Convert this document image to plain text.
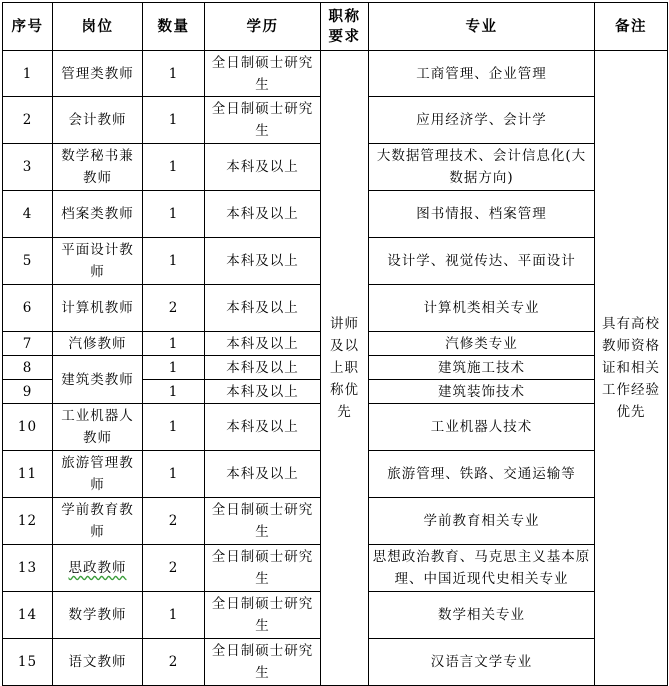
序号	岗位	数量	学历	职称要求	专业	备注
1	管理类教师	1	全日制硕士研究生	讲师及以上职称优先	工商管理、企业管理	具有高校教师资格证和相关工作经验优先
2	会计教师	1	全日制硕士研究生		应用经济学、会计学	
3	数学秘书兼教师	1	本科及以上		大数据管理技术、会计信息化(大数据方向)	
4	档案类教师	1	本科及以上		图书情报、档案管理	
5	平面设计教师	1	本科及以上		设计学、视觉传达、平面设计	
6	计算机教师	2	本科及以上		计算机类相关专业	
7	汽修教师	1	本科及以上		汽修类专业	
8	建筑类教师	1	本科及以上		建筑施工技术	
9		1	本科及以上		建筑装饰技术	
10	工业机器人教师	1	本科及以上		工业机器人技术	
11	旅游管理教师	1	本科及以上		旅游管理、铁路、交通运输等	
12	学前教育教师	2	全日制硕士研究生		学前教育相关专业	
13	思政教师	2	全日制硕士研究生		思想政治教育、马克思主义基本原理、中国近现代史相关专业	
14	数学教师	1	全日制硕士研究生		数学相关专业	
15	语文教师	2	全日制硕士研究生		汉语言文学专业	
